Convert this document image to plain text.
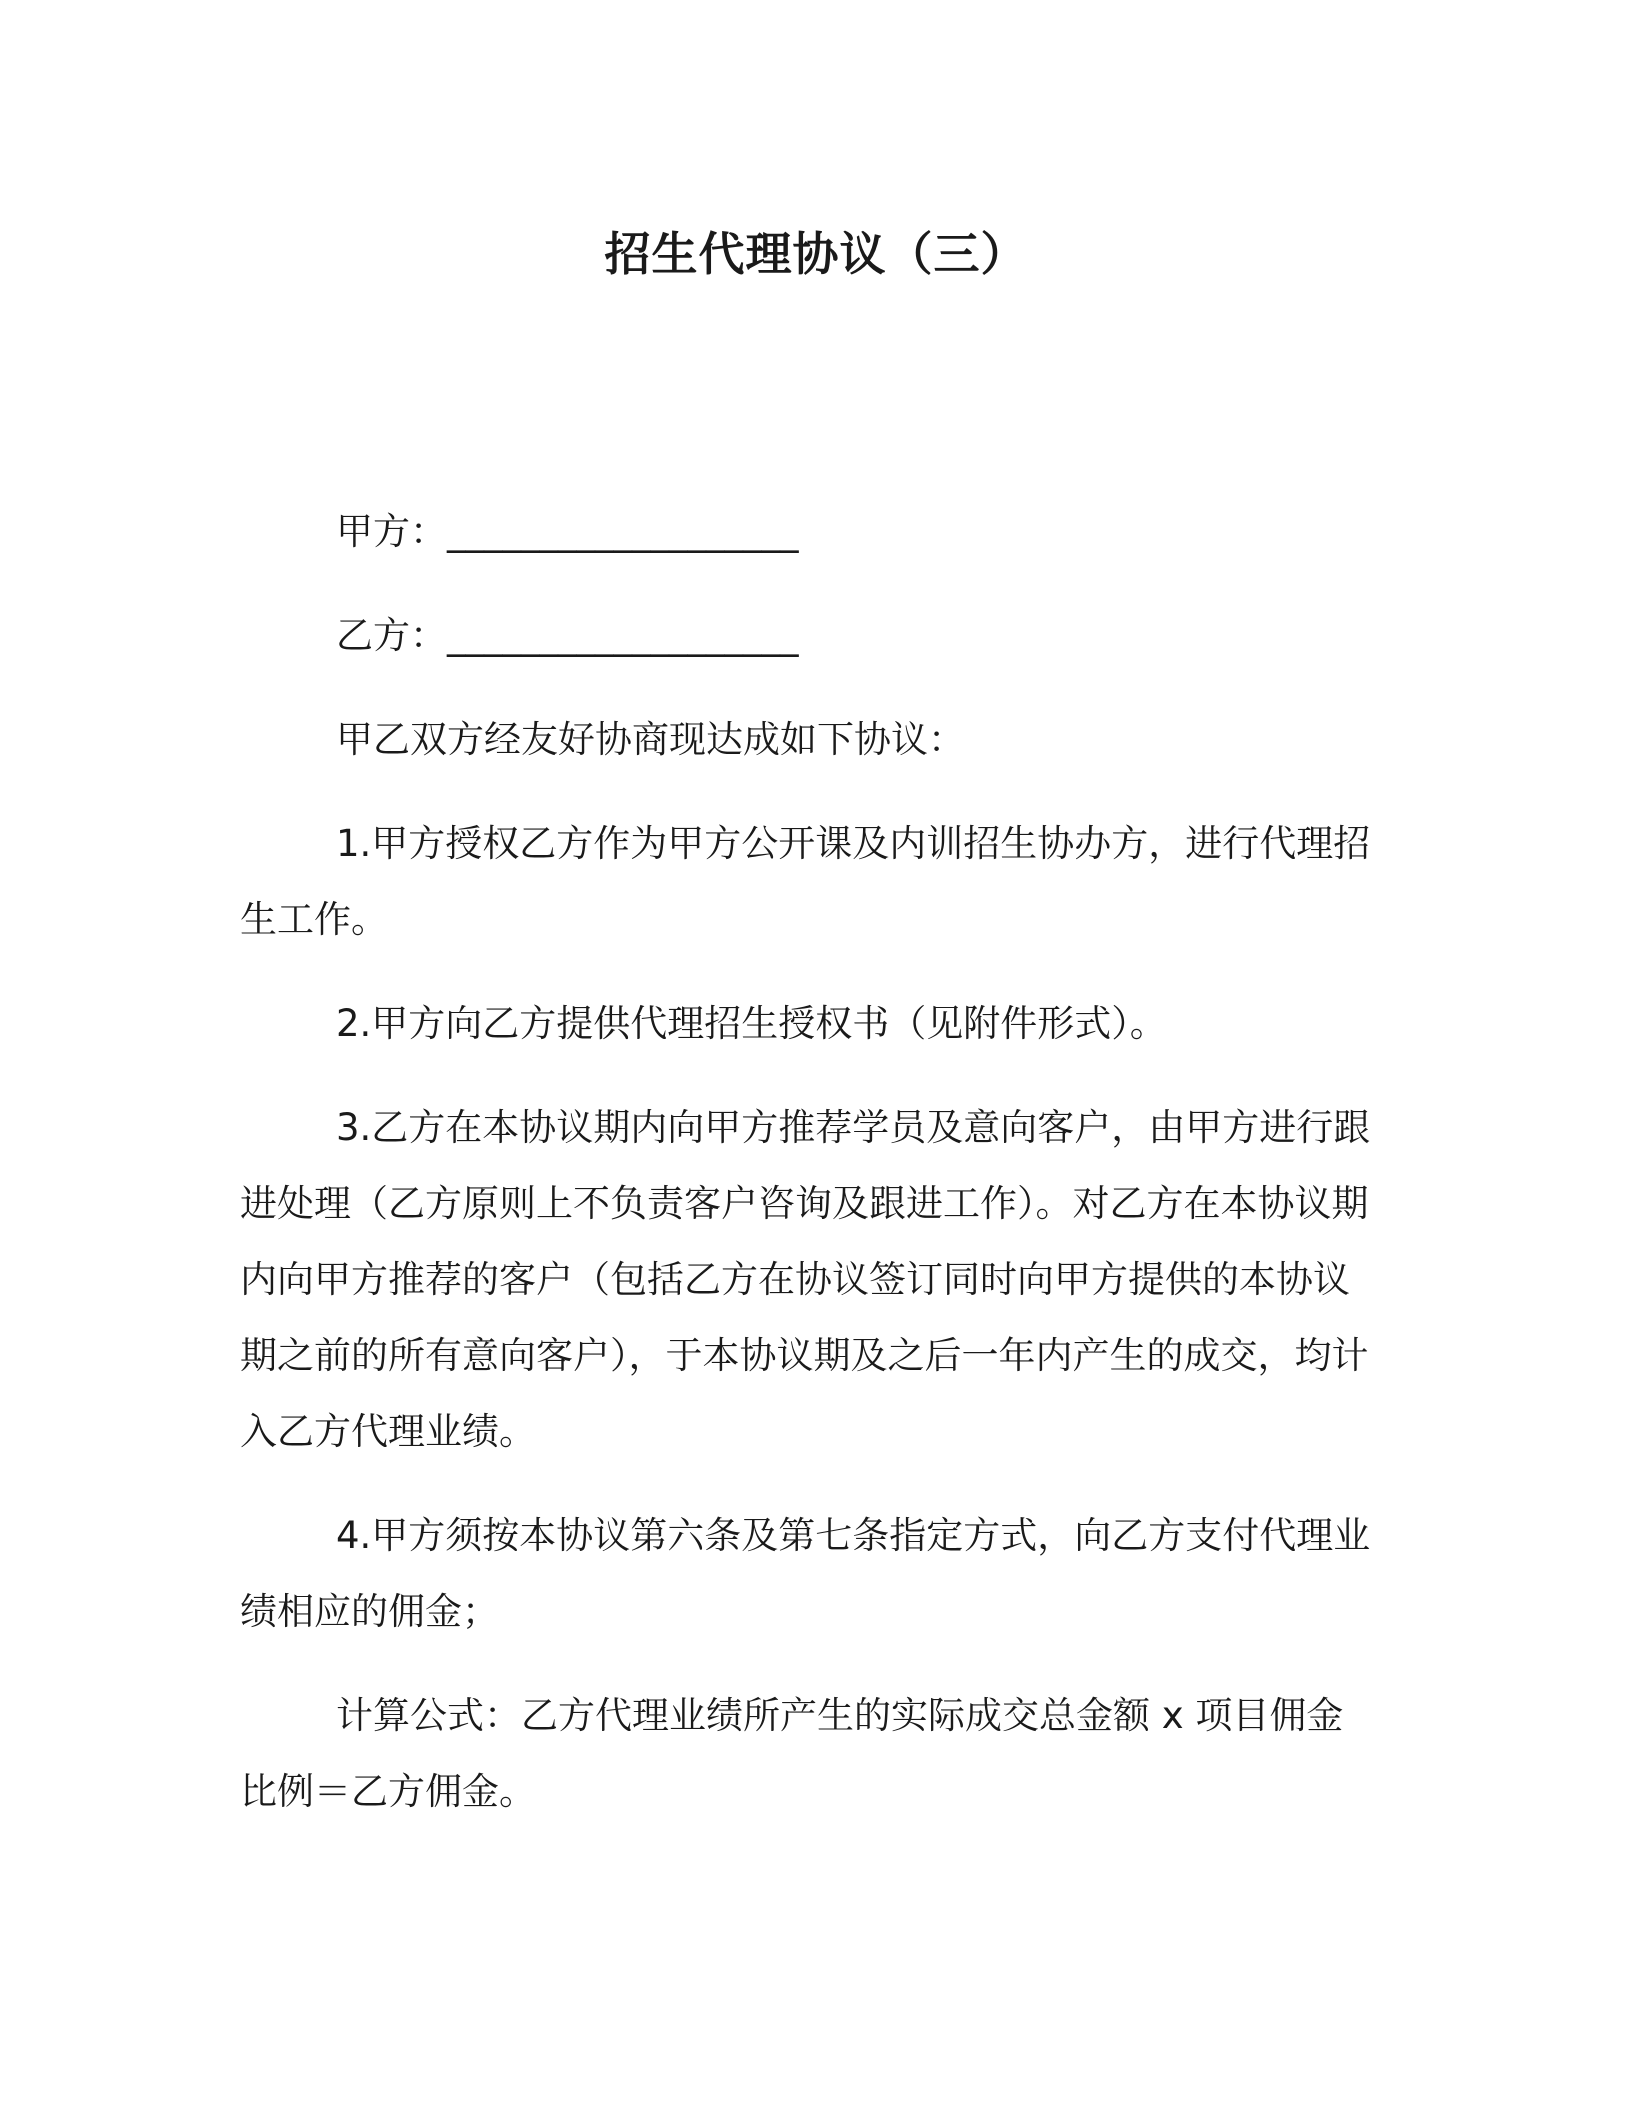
招生代理协议（三）

甲方：___________________

乙方：___________________

甲乙双方经友好协商现达成如下协议：

1.甲方授权乙方作为甲方公开课及内训招生协办方，进行代理招生工作。

2.甲方向乙方提供代理招生授权书（见附件形式）。

3.乙方在本协议期内向甲方推荐学员及意向客户，由甲方进行跟进处理（乙方原则上不负责客户咨询及跟进工作）。对乙方在本协议期内向甲方推荐的客户（包括乙方在协议签订同时向甲方提供的本协议期之前的所有意向客户），于本协议期及之后一年内产生的成交，均计入乙方代理业绩。

4.甲方须按本协议第六条及第七条指定方式，向乙方支付代理业绩相应的佣金；

计算公式：乙方代理业绩所产生的实际成交总金额 x 项目佣金比例＝乙方佣金。
